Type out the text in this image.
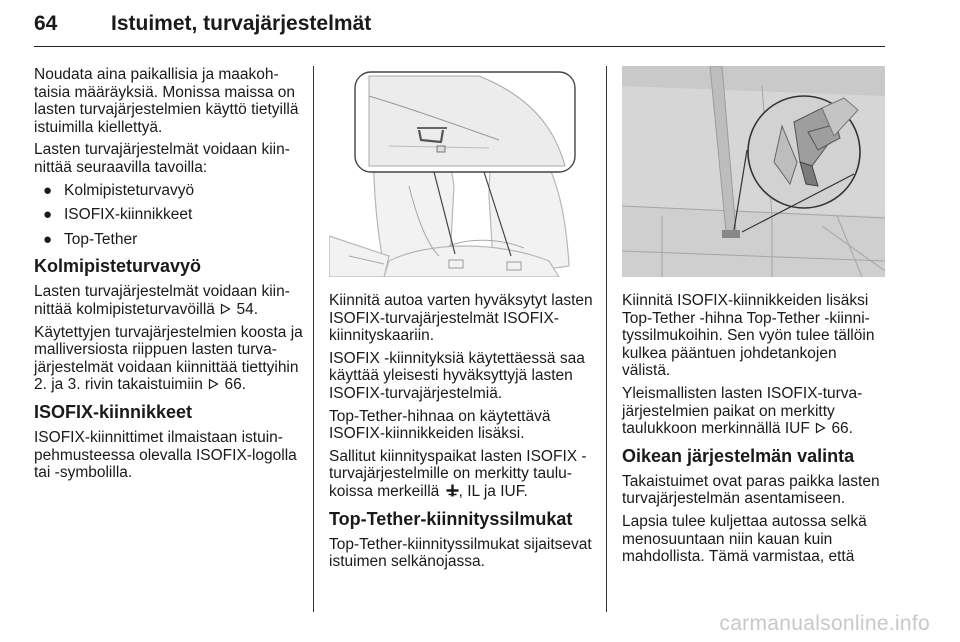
64	Istuimet, turvajärjestelmät

Noudata aina paikallisia ja maakohtaisia määräyksiä. Monissa maissa on lasten turvajärjestelmien käyttö tietyillä istuimilla kiellettyä.

Lasten turvajärjestelmät voidaan kiinnittää seuraavilla tavoilla:

● Kolmipisteturvavyö
● ISOFIX-kiinnikkeet
● Top-Tether
Kolmipisteturvavyö

Lasten turvajärjestelmät voidaan kiinnittää kolmipisteturvavöillä 54.

Käytettyjen turvajärjestelmien koosta ja malliversiosta riippuen lasten turvajärjestelmät voidaan kiinnittää tiettyihin 2. ja 3. rivin takaistuimiin 66.

ISOFIX-kiinnikkeet

ISOFIX-kiinnittimet ilmaistaan istuinpehmusteessa olevalla ISOFIX-logolla tai -symbolilla.

Kiinnitä autoa varten hyväksytyt lasten ISOFIX-turvajärjestelmät ISOFIX-kiinnityskaariin.

ISOFIX -kiinnityksiä käytettäessä saa käyttää yleisesti hyväksyttyjä lasten ISOFIX-turvajärjestelmiä.

Top-Tether-hihnaa on käytettävä ISOFIX-kiinnikkeiden lisäksi.

Sallitut kiinnityspaikat lasten ISOFIX -turvajärjestelmille on merkitty taulukoissa merkeillä , IL ja IUF.

Top-Tether-kiinnityssilmukat

Top-Tether-kiinnityssilmukat sijaitsevat istuimen selkänojassa.

Kiinnitä ISOFIX-kiinnikkeiden lisäksi Top-Tether -hihna Top-Tether -kiinnityssilmukoihin. Sen vyön tulee tällöin kulkea pääntuen johdetankojen välistä.

Yleismallisten lasten ISOFIX-turvajärjestelmien paikat on merkitty taulukkoon merkinnällä IUF 66.

Oikean järjestelmän valinta

Takaistuimet ovat paras paikka lasten turvajärjestelmän asentamiseen.

Lapsia tulee kuljettaa autossa selkä menosuuntaan niin kauan kuin mahdollista. Tämä varmistaa, että

carmanualsonline.info
